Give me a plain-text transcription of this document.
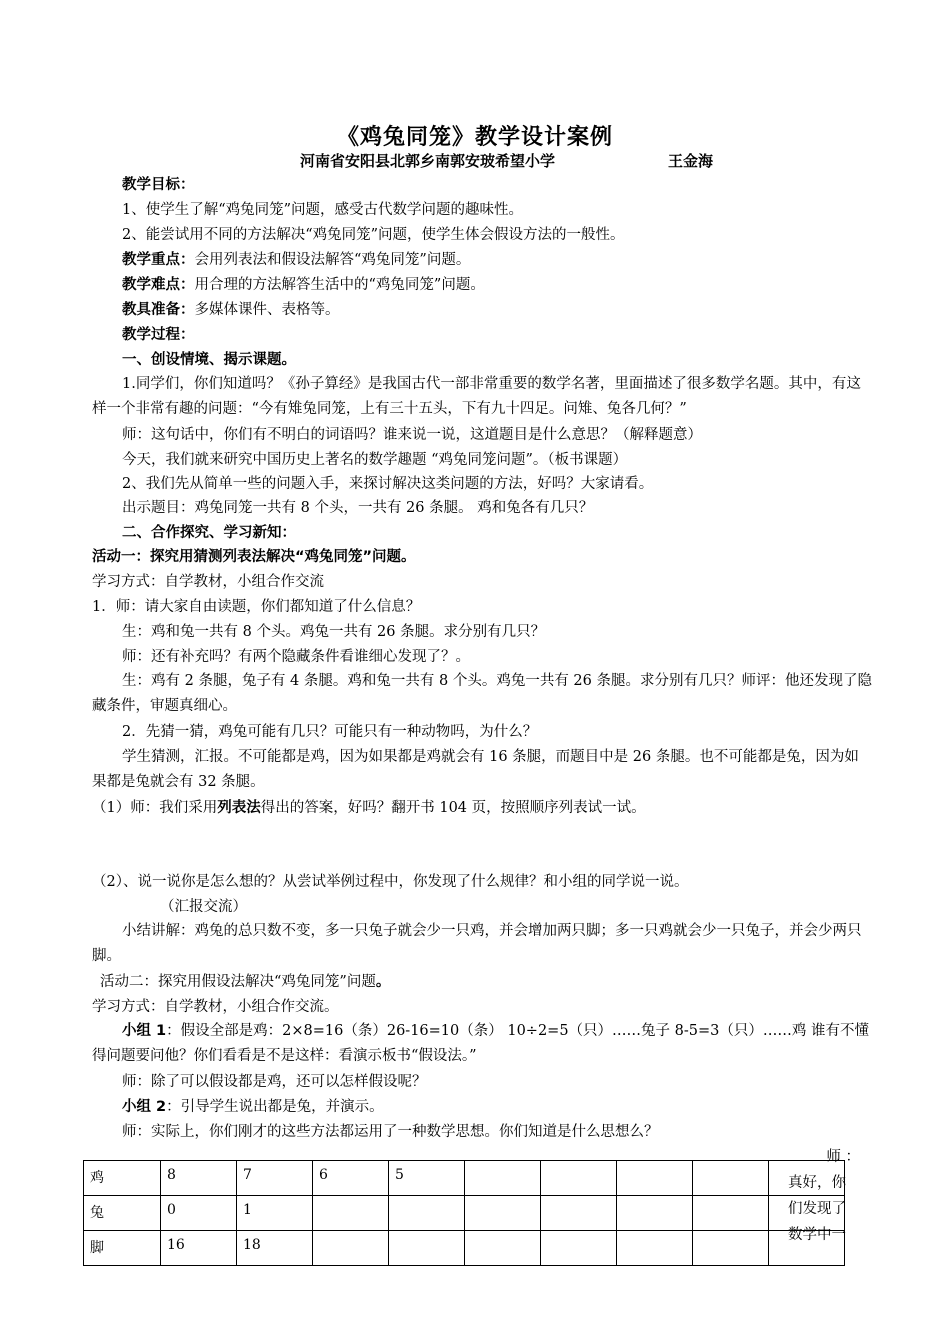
《鸡兔同笼》教学设计案例
河南省安阳县北郭乡南郭安玻希望小学	王金海
教学目标：
1、使学生了解“鸡兔同笼”问题，感受古代数学问题的趣味性。
2、能尝试用不同的方法解决“鸡兔同笼”问题，使学生体会假设方法的一般性。
教学重点：会用列表法和假设法解答“鸡兔同笼”问题。
教学难点：用合理的方法解答生活中的“鸡兔同笼”问题。
教具准备：多媒体课件、表格等。
教学过程：
一、创设情境、揭示课题。
1.同学们，你们知道吗？《孙子算经》是我国古代一部非常重要的数学名著，里面描述了很多数学名题。其中，有这样一个非常有趣的问题：“今有雉兔同笼，上有三十五头，下有九十四足。问雉、兔各几何？”
师：这句话中，你们有不明白的词语吗？谁来说一说，这道题目是什么意思？（解释题意）
今天，我们就来研究中国历史上著名的数学趣题 “鸡兔同笼问题”。（板书课题）
2、我们先从简单一些的问题入手，来探讨解决这类问题的方法，好吗？大家请看。
出示题目：鸡兔同笼一共有 8 个头，一共有 26 条腿。 鸡和兔各有几只？
二、合作探究、学习新知：
活动一：探究用猜测列表法解决“鸡兔同笼”问题。
学习方式：自学教材，小组合作交流
1．师：请大家自由读题，你们都知道了什么信息？
生：鸡和兔一共有 8 个头。鸡兔一共有 26 条腿。求分别有几只？
师：还有补充吗？有两个隐藏条件看谁细心发现了？。
生：鸡有 2 条腿，兔子有 4 条腿。鸡和兔一共有 8 个头。鸡兔一共有 26 条腿。求分别有几只？师评：他还发现了隐藏条件，审题真细心。
2．先猜一猜，鸡兔可能有几只？可能只有一种动物吗，为什么？
学生猜测，汇报。不可能都是鸡，因为如果都是鸡就会有 16 条腿，而题目中是 26 条腿。也不可能都是兔，因为如果都是兔就会有 32 条腿。
（1）师：我们采用列表法得出的答案，好吗？翻开书 104 页，按照顺序列表试一试。
（2）、说一说你是怎么想的？从尝试举例过程中，你发现了什么规律？和小组的同学说一说。
（汇报交流）
小结讲解：鸡兔的总只数不变，多一只兔子就会少一只鸡，并会增加两只脚；多一只鸡就会少一只兔子，并会少两只脚。
活动二：探究用假设法解决“鸡兔同笼”问题。
学习方式：自学教材，小组合作交流。
小组 1：假设全部是鸡：2×8=16（条）26-16=10（条） 10÷2=5（只）……兔子 8-5=3（只）……鸡 谁有不懂得问题要问他？你们看看是不是这样：看演示板书“假设法。”
师：除了可以假设都是鸡，还可以怎样假设呢？
小组 2：引导学生说出都是兔，并演示。
师：实际上，你们刚才的这些方法都运用了一种数学思想。你们知道是什么思想么？
鸡	8	7	6	5					
兔	0	1							
脚	16	18							
师 ：
真好，你
们发现了
数学中一
